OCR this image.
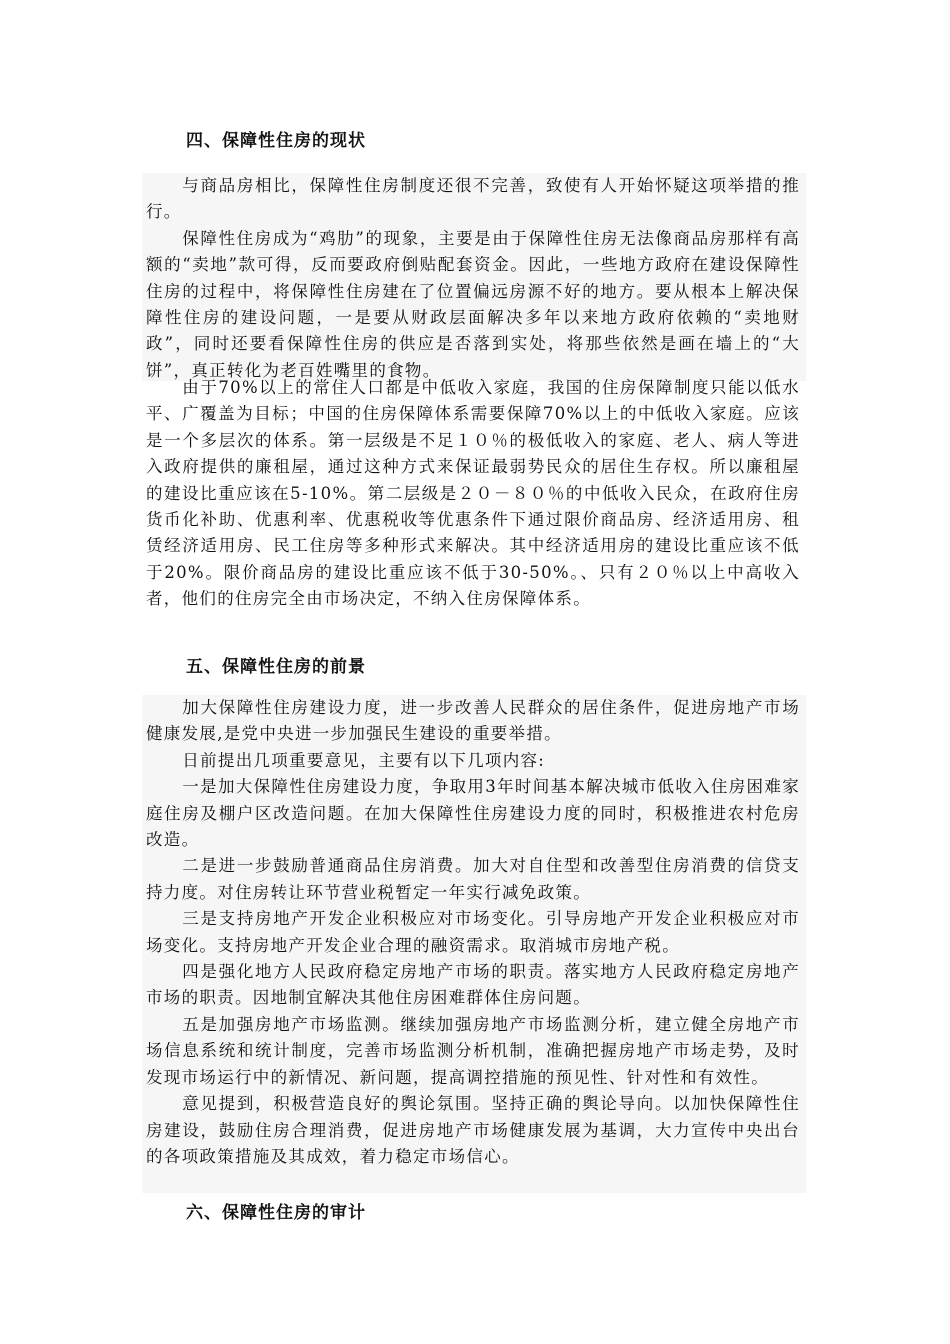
四、保障性住房的现状

与商品房相比，保障性住房制度还很不完善，致使有人开始怀疑这项举措的推行。

保障性住房成为“鸡肋”的现象，主要是由于保障性住房无法像商品房那样有高额的“卖地”款可得，反而要政府倒贴配套资金。因此，一些地方政府在建设保障性住房的过程中，将保障性住房建在了位置偏远房源不好的地方。要从根本上解决保障性住房的建设问题，一是要从财政层面解决多年以来地方政府依赖的“卖地财政”，同时还要看保障性住房的供应是否落到实处，将那些依然是画在墙上的“大饼”，真正转化为老百姓嘴里的食物。

由于70%以上的常住人口都是中低收入家庭，我国的住房保障制度只能以低水平、广覆盖为目标；中国的住房保障体系需要保障70%以上的中低收入家庭。应该是一个多层次的体系。第一层级是不足１０％的极低收入的家庭、老人、病人等进入政府提供的廉租屋，通过这种方式来保证最弱势民众的居住生存权。所以廉租屋的建设比重应该在5-10%。第二层级是２０－８０％的中低收入民众，在政府住房货币化补助、优惠利率、优惠税收等优惠条件下通过限价商品房、经济适用房、租赁经济适用房、民工住房等多种形式来解决。其中经济适用房的建设比重应该不低于20%。限价商品房的建设比重应该不低于30-50%。、只有２０％以上中高收入者，他们的住房完全由市场决定，不纳入住房保障体系。

五、保障性住房的前景

加大保障性住房建设力度，进一步改善人民群众的居住条件，促进房地产市场健康发展,是党中央进一步加强民生建设的重要举措。

日前提出几项重要意见，主要有以下几项内容:

一是加大保障性住房建设力度，争取用3年时间基本解决城市低收入住房困难家庭住房及棚户区改造问题。在加大保障性住房建设力度的同时，积极推进农村危房改造。

二是进一步鼓励普通商品住房消费。加大对自住型和改善型住房消费的信贷支持力度。对住房转让环节营业税暂定一年实行减免政策。

三是支持房地产开发企业积极应对市场变化。引导房地产开发企业积极应对市场变化。支持房地产开发企业合理的融资需求。取消城市房地产税。

四是强化地方人民政府稳定房地产市场的职责。落实地方人民政府稳定房地产市场的职责。因地制宜解决其他住房困难群体住房问题。

五是加强房地产市场监测。继续加强房地产市场监测分析，建立健全房地产市场信息系统和统计制度，完善市场监测分析机制，准确把握房地产市场走势，及时发现市场运行中的新情况、新问题，提高调控措施的预见性、针对性和有效性。

意见提到，积极营造良好的舆论氛围。坚持正确的舆论导向。以加快保障性住房建设，鼓励住房合理消费，促进房地产市场健康发展为基调，大力宣传中央出台的各项政策措施及其成效，着力稳定市场信心。

六、保障性住房的审计
